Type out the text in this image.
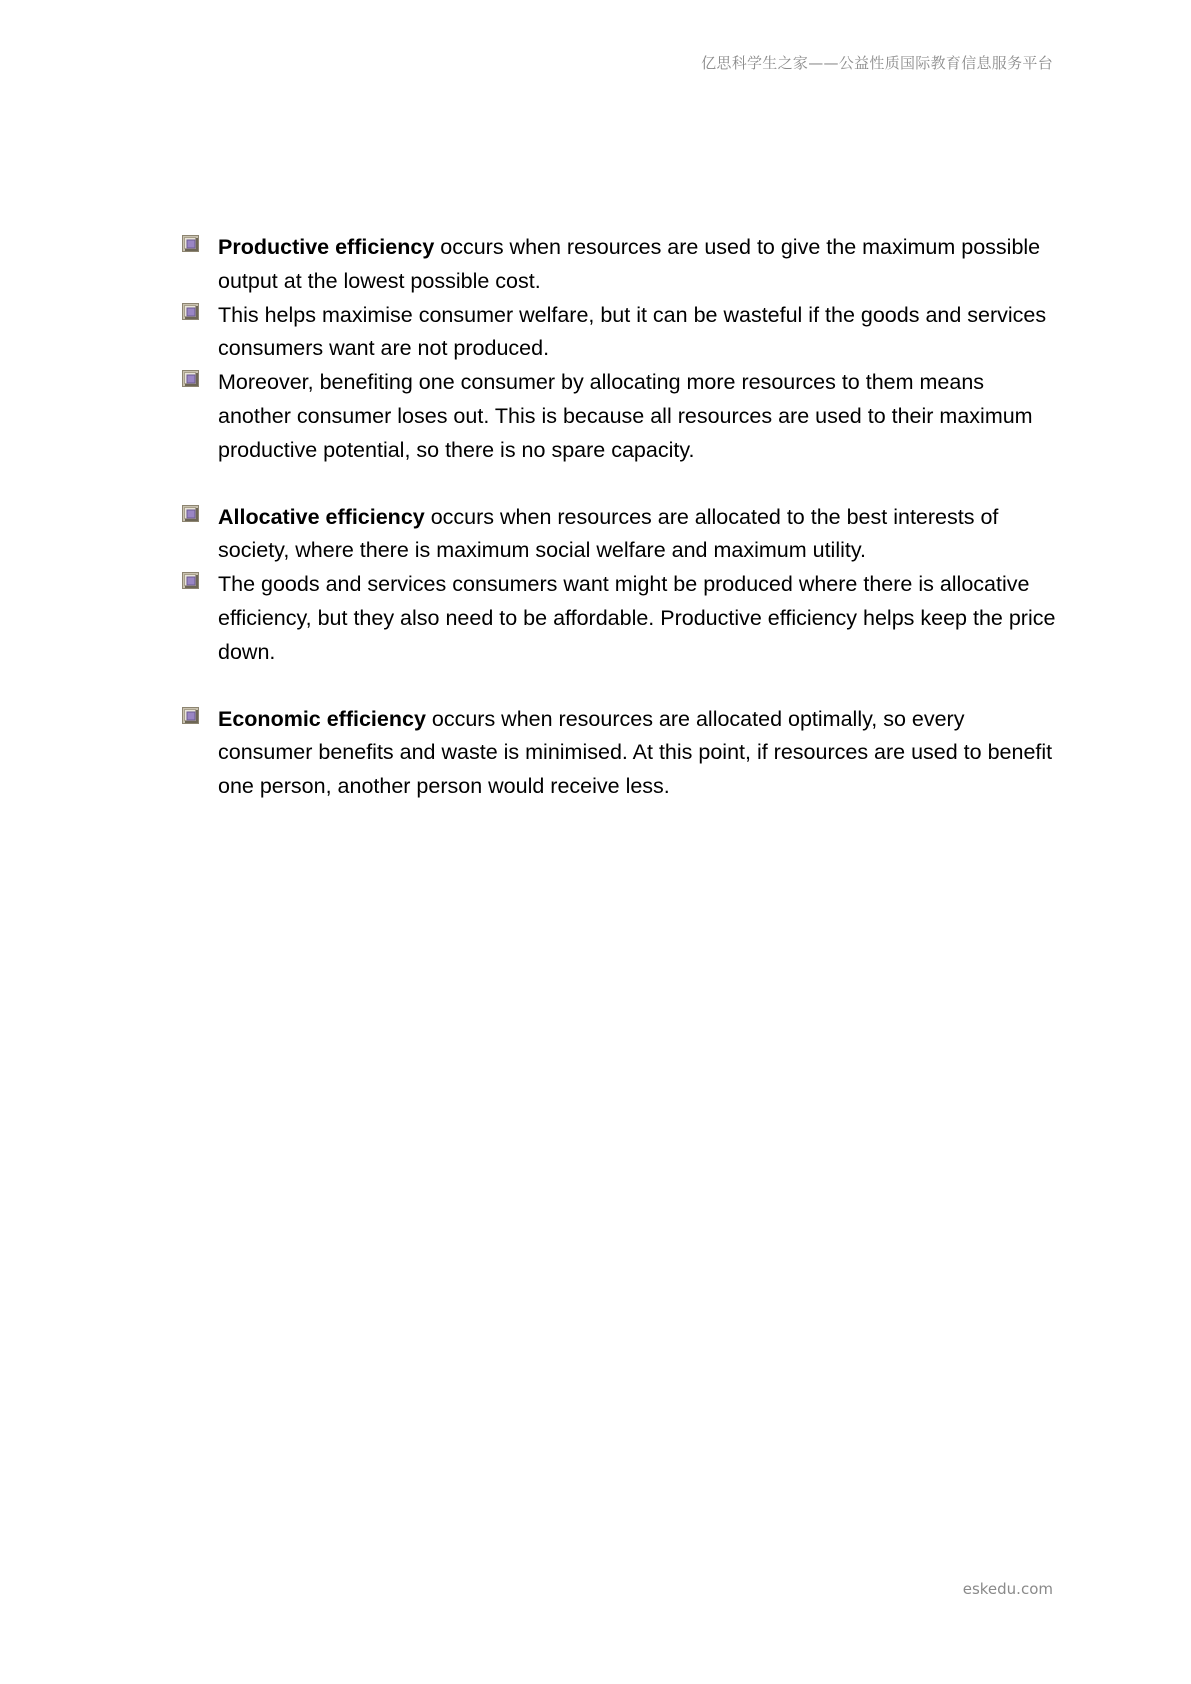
亿思科学生之家——公益性质国际教育信息服务平台
Productive efficiency occurs when resources are used to give the maximum possible output at the lowest possible cost.
This helps maximise consumer welfare, but it can be wasteful if the goods and services consumers want are not produced.
Moreover, benefiting one consumer by allocating more resources to them means another consumer loses out. This is because all resources are used to their maximum productive potential, so there is no spare capacity.
Allocative efficiency occurs when resources are allocated to the best interests of society, where there is maximum social welfare and maximum utility.
The goods and services consumers want might be produced where there is allocative efficiency, but they also need to be affordable. Productive efficiency helps keep the price down.
Economic efficiency occurs when resources are allocated optimally, so every consumer benefits and waste is minimised. At this point, if resources are used to benefit one person, another person would receive less.
eskedu.com
